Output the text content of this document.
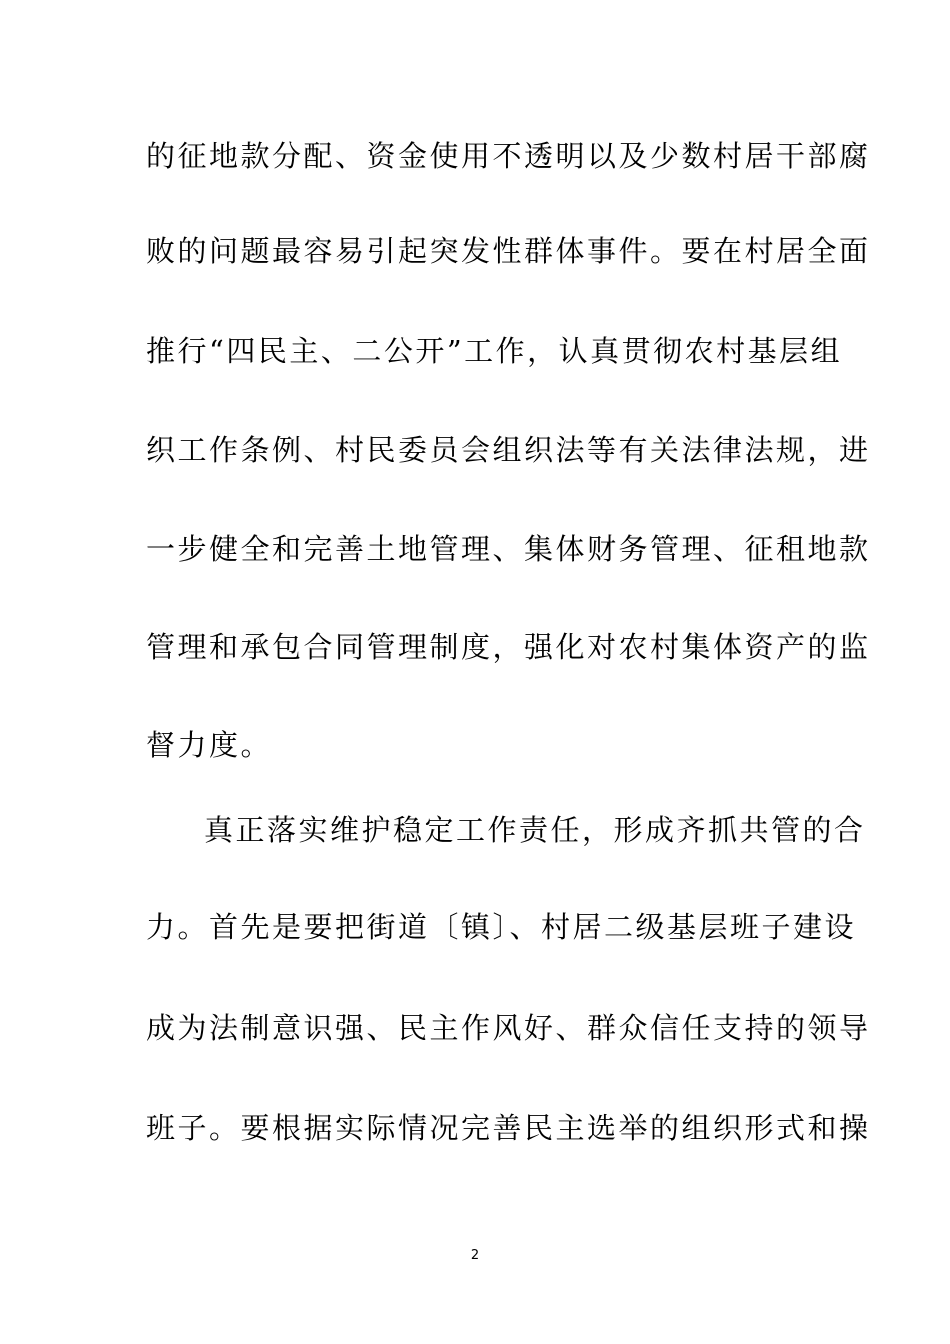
的征地款分配、资金使用不透明以及少数村居干部腐
败的问题最容易引起突发性群体事件。要在村居全面
推行“四民主、二公开”工作，认真贯彻农村基层组
织工作条例、村民委员会组织法等有关法律法规，进
一步健全和完善土地管理、集体财务管理、征租地款
管理和承包合同管理制度，强化对农村集体资产的监
督力度。
真正落实维护稳定工作责任，形成齐抓共管的合
力。首先是要把街道〔镇〕、村居二级基层班子建设
成为法制意识强、民主作风好、群众信任支持的领导
班子。要根据实际情况完善民主选举的组织形式和操
2
